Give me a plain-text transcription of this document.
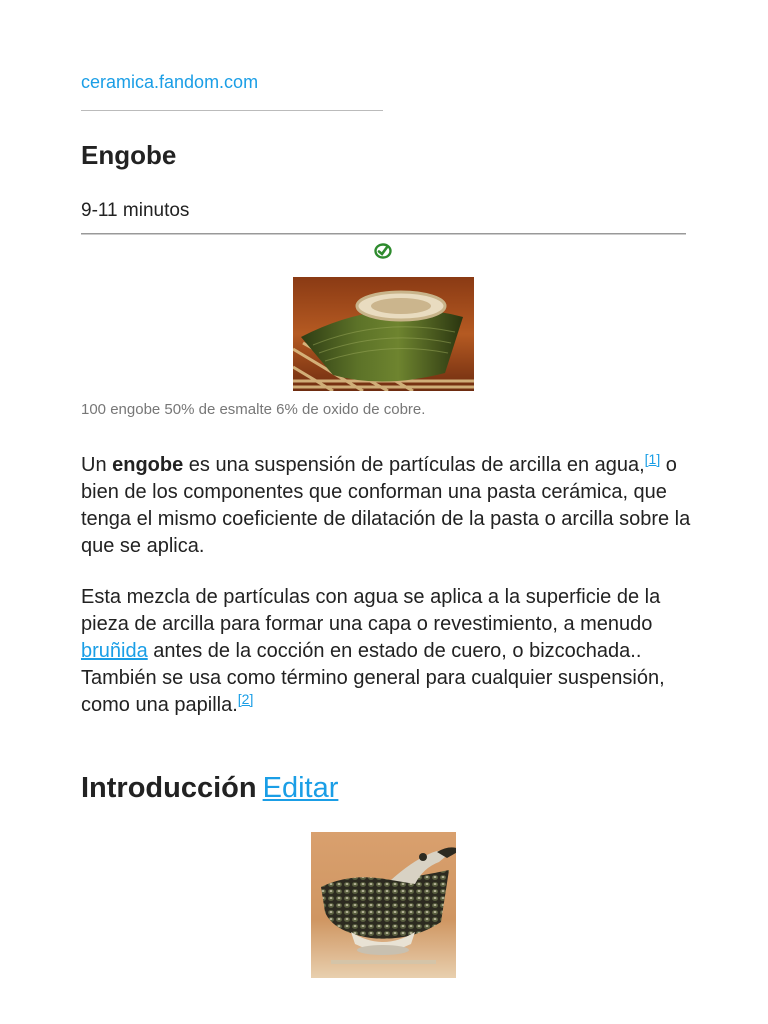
ceramica.fandom.com
Engobe
9-11 minutos
100 engobe 50% de esmalte 6% de oxido de cobre.

Un engobe es una suspensión de partículas de arcilla en agua,[1] o bien de los componentes que conforman una pasta cerámica, que tenga el mismo coeficiente de dilatación de la pasta o arcilla sobre la que se aplica.

Esta mezcla de partículas con agua se aplica a la superficie de la pieza de arcilla para formar una capa o revestimiento, a menudo bruñida antes de la cocción en estado de cuero, o bizcochada.. También se usa como término general para cualquier suspensión, como una papilla.[2]

Introducción Editar
